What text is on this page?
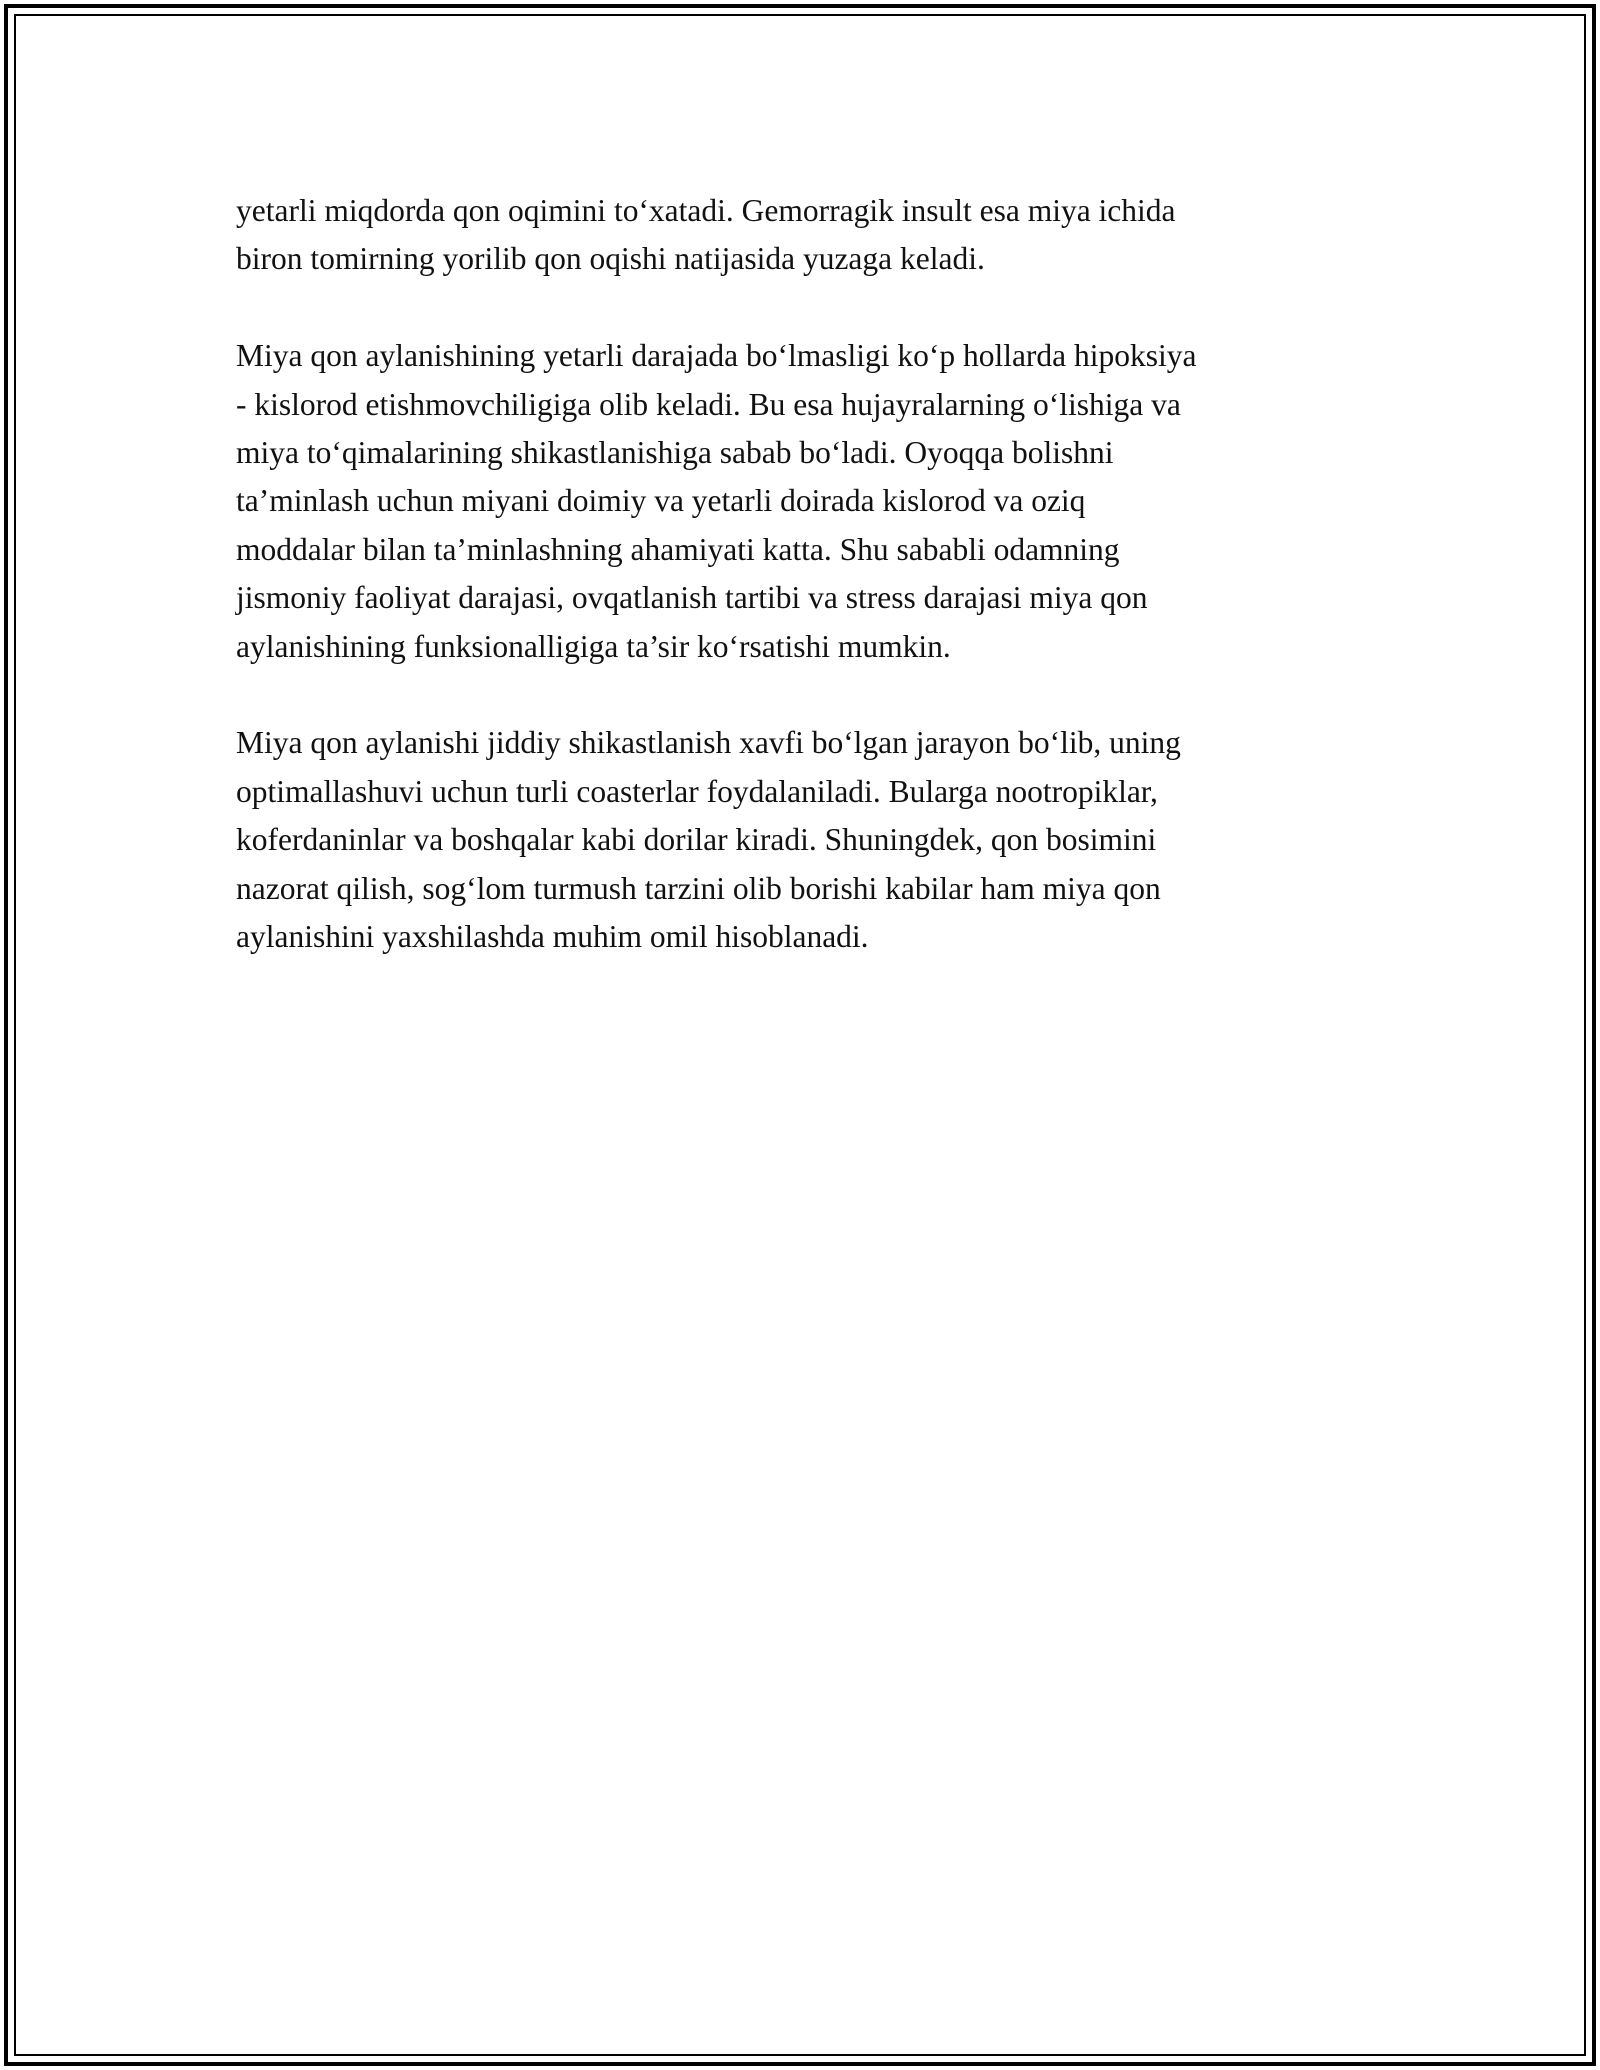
yetarli miqdorda qon oqimini to‘xatadi. Gemorragik insult esa miya ichida
biron tomirning yorilib qon oqishi natijasida yuzaga keladi.

Miya qon aylanishining yetarli darajada bo‘lmasligi ko‘p hollarda hipoksiya
- kislorod etishmovchiligiga olib keladi. Bu esa hujayralarning o‘lishiga va
miya to‘qimalarining shikastlanishiga sabab bo‘ladi. Oyoqqa bolishni
ta’minlash uchun miyani doimiy va yetarli doirada kislorod va oziq
moddalar bilan ta’minlashning ahamiyati katta. Shu sababli odamning
jismoniy faoliyat darajasi, ovqatlanish tartibi va stress darajasi miya qon
aylanishining funksionalligiga ta’sir ko‘rsatishi mumkin.

Miya qon aylanishi jiddiy shikastlanish xavfi bo‘lgan jarayon bo‘lib, uning
optimallashuvi uchun turli coasterlar foydalaniladi. Bularga nootropiklar,
koferdaninlar va boshqalar kabi dorilar kiradi. Shuningdek, qon bosimini
nazorat qilish, sog‘lom turmush tarzini olib borishi kabilar ham miya qon
aylanishini yaxshilashda muhim omil hisoblanadi.
